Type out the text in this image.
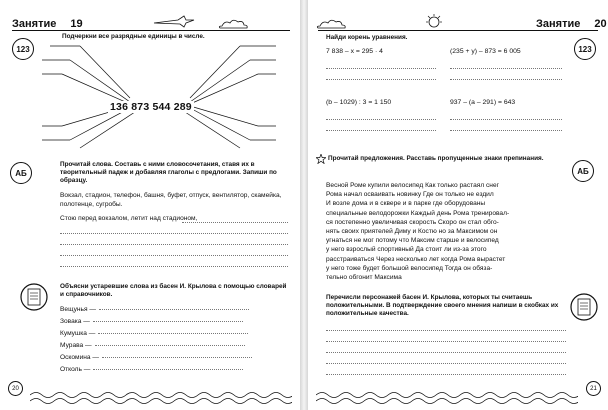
Занятие 19
123
Подчеркни все разрядные единицы в числе.
136 873 544 289
АБ
Прочитай слова. Составь с ними словосочетания, ставя их в творительный падеж и добавляя глаголы с предлогами. Запиши по образцу.
Вокзал, стадион, телефон, башня, буфет, отпуск, вентилятор, скамейка, полотенце, сугробы.
Стою перед вокзалом, летит над стадионом,
Объясни устаревшие слова из басен И. Крылова с помощью словарей и справочников.
Вещунья —
Зовака —
Кумушка —
Мурава —
Оскомина —
Отколь —
20
Занятие 20
123
Найди корень уравнения.
7 838 – x = 295 · 4	(235 + у) – 873 = 6 005
(b – 1029) : 3 = 1 150	937 – (a – 291) = 643
Прочитай предложения. Расставь пропущенные знаки препинания.
АБ
Весной Роме купили велосипед Как только растаял снег
Рома начал осваивать новинку Где он только не ездил
И возле дома и в сквере и в парке где оборудованы
специальные велодорожки Каждый день Рома тренировал-
ся постепенно увеличивая скорость Скоро он стал обго-
нять своих приятелей Диму и Костю но за Максимом он
угнаться не мог потому что Максим старше и велосипед
у него взрослый спортивный Да стоит ли из-за этого
расстраиваться Через несколько лет когда Рома вырастет
у него тоже будет большой велосипед Тогда он обяза-
тельно обгонит Максима
Перечисли персонажей басен И. Крылова, которых ты считаешь положительными. В подтверждение своего мнения напиши в скобках их положительные качества.
21
